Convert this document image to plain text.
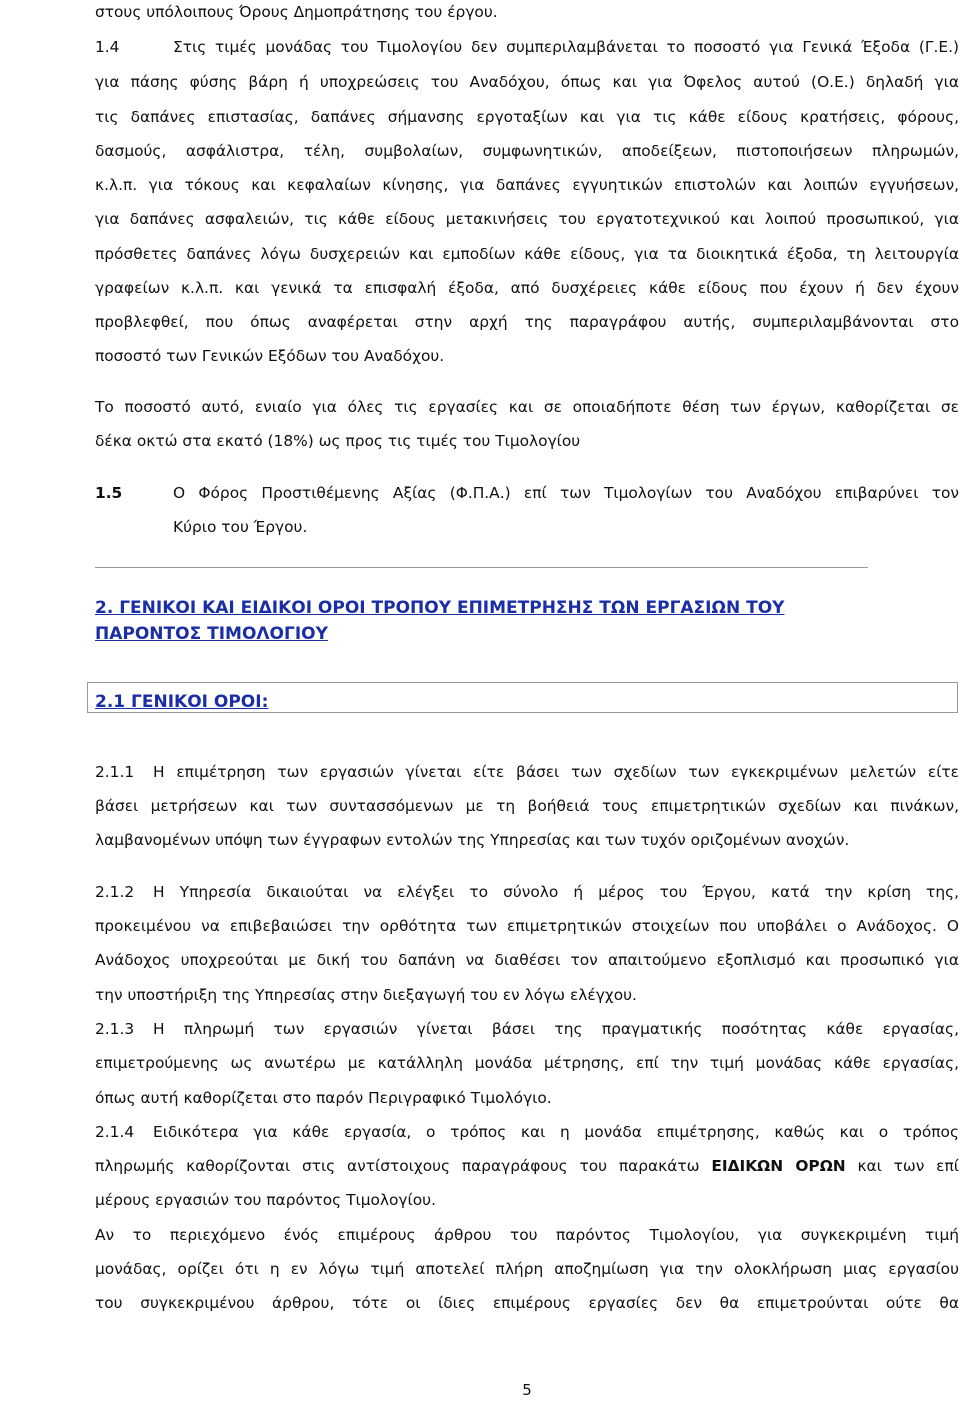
στους υπόλοιπους Όρους Δημοπράτησης του έργου.
1.4	Στις τιμές μονάδας του Τιμολογίου δεν συμπεριλαμβάνεται το ποσοστό για Γενικά Έξοδα (Γ.Ε.)
για πάσης φύσης βάρη ή υποχρεώσεις του Αναδόχου, όπως και για Όφελος αυτού (Ο.Ε.) δηλαδή για
τις δαπάνες επιστασίας, δαπάνες σήμανσης εργοταξίων και για τις κάθε είδους κρατήσεις, φόρους,
δασμούς, ασφάλιστρα, τέλη, συμβολαίων, συμφωνητικών, αποδείξεων, πιστοποιήσεων πληρωμών,
κ.λ.π. για τόκους και κεφαλαίων κίνησης, για δαπάνες εγγυητικών επιστολών και λοιπών εγγυήσεων,
για δαπάνες ασφαλειών, τις κάθε είδους μετακινήσεις του εργατοτεχνικού και λοιπού προσωπικού, για
πρόσθετες δαπάνες λόγω δυσχερειών και εμποδίων κάθε είδους, για τα διοικητικά έξοδα, τη λειτουργία
γραφείων κ.λ.π. και γενικά τα επισφαλή έξοδα, από δυσχέρειες κάθε είδους που έχουν ή δεν έχουν
προβλεφθεί, που όπως αναφέρεται στην αρχή της παραγράφου αυτής, συμπεριλαμβάνονται στο
ποσοστό των Γενικών Εξόδων του Αναδόχου.
Το ποσοστό αυτό, ενιαίο για όλες τις εργασίες και σε οποιαδήποτε θέση των έργων, καθορίζεται σε
δέκα οκτώ στα εκατό (18%) ως προς τις τιμές του Τιμολογίου
1.5	Ο Φόρος Προστιθέμενης Αξίας (Φ.Π.Α.) επί των Τιμολογίων του Αναδόχου επιβαρύνει τον
Κύριο του Έργου.
2. ΓΕΝΙΚΟΙ ΚΑΙ ΕΙΔΙΚΟΙ ΟΡΟΙ ΤΡΟΠΟΥ ΕΠΙΜΕΤΡΗΣΗΣ ΤΩΝ ΕΡΓΑΣΙΩΝ ΤΟΥ
ΠΑΡΟΝΤΟΣ ΤΙΜΟΛΟΓΙΟΥ
2.1 ΓΕΝΙΚΟΙ ΟΡΟΙ:
2.1.1 Η επιμέτρηση των εργασιών γίνεται είτε βάσει των σχεδίων των εγκεκριμένων μελετών είτε
βάσει μετρήσεων και των συντασσόμενων με τη βοήθειά τους επιμετρητικών σχεδίων και πινάκων,
λαμβανομένων υπόψη των έγγραφων εντολών της Υπηρεσίας και των τυχόν οριζομένων ανοχών.
2.1.2 Η Υπηρεσία δικαιούται να ελέγξει το σύνολο ή μέρος του Έργου, κατά την κρίση της,
προκειμένου να επιβεβαιώσει την ορθότητα των επιμετρητικών στοιχείων που υποβάλει ο Ανάδοχος. Ο
Ανάδοχος υποχρεούται με δική του δαπάνη να διαθέσει τον απαιτούμενο εξοπλισμό και προσωπικό για
την υποστήριξη της Υπηρεσίας στην διεξαγωγή του εν λόγω ελέγχου.
2.1.3 Η πληρωμή των εργασιών γίνεται βάσει της πραγματικής ποσότητας κάθε εργασίας,
επιμετρούμενης ως ανωτέρω με κατάλληλη μονάδα μέτρησης, επί την τιμή μονάδας κάθε εργασίας,
όπως αυτή καθορίζεται στο παρόν Περιγραφικό Τιμολόγιο.
2.1.4 Ειδικότερα για κάθε εργασία, ο τρόπος και η μονάδα επιμέτρησης, καθώς και ο τρόπος
πληρωμής καθορίζονται στις αντίστοιχους παραγράφους του παρακάτω ΕΙΔΙΚΩΝ ΟΡΩΝ και των επί
μέρους εργασιών του παρόντος Τιμολογίου.
Αν το περιεχόμενο ένός επιμέρους άρθρου του παρόντος Τιμολογίου, για συγκεκριμένη τιμή
μονάδας, ορίζει ότι η εν λόγω τιμή αποτελεί πλήρη αποζημίωση για την ολοκλήρωση μιας εργασίου
του συγκεκριμένου άρθρου, τότε οι ίδιες επιμέρους εργασίες δεν θα επιμετρούνται ούτε θα
5
